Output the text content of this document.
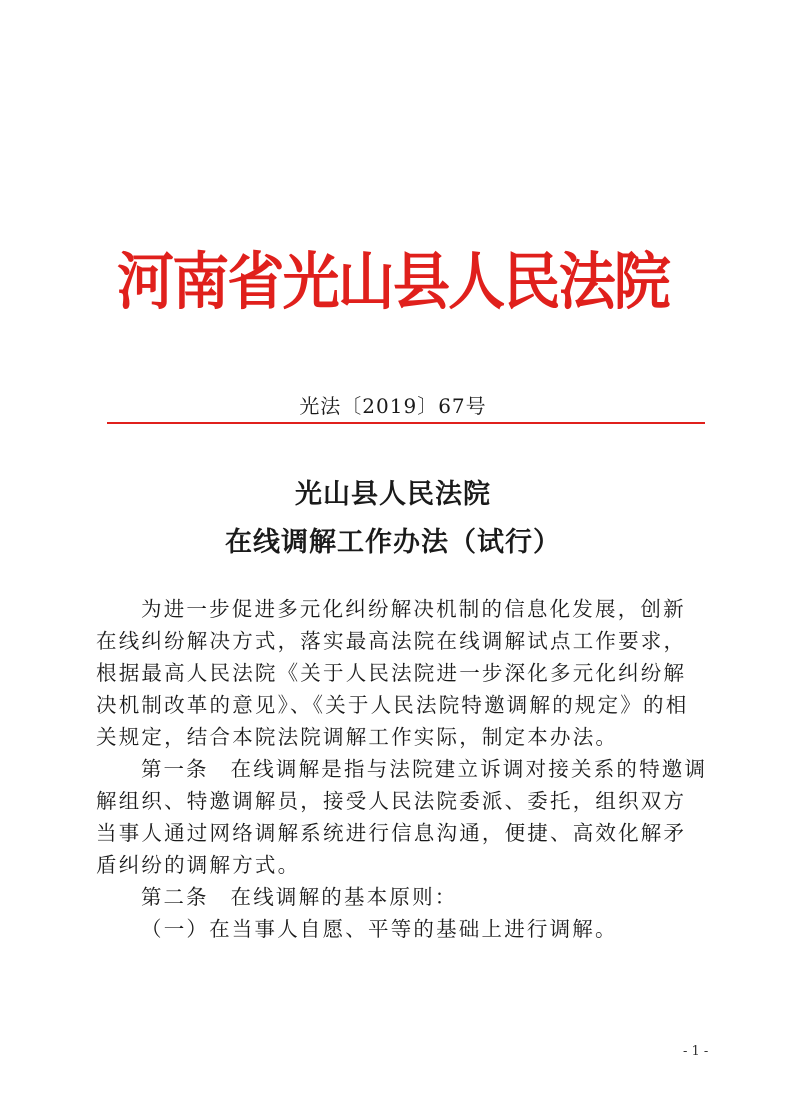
河南省光山县人民法院
光法〔2019〕67号
光山县人民法院
在线调解工作办法（试行）

为进一步促进多元化纠纷解决机制的信息化发展，创新在线纠纷解决方式，落实最高法院在线调解试点工作要求，根据最高人民法院《关于人民法院进一步深化多元化纠纷解决机制改革的意见》、《关于人民法院特邀调解的规定》的相关规定，结合本院法院调解工作实际，制定本办法。

第一条 在线调解是指与法院建立诉调对接关系的特邀调解组织、特邀调解员，接受人民法院委派、委托，组织双方当事人通过网络调解系统进行信息沟通，便捷、高效化解矛盾纠纷的调解方式。

第二条 在线调解的基本原则：

（一）在当事人自愿、平等的基础上进行调解。

- 1 -
